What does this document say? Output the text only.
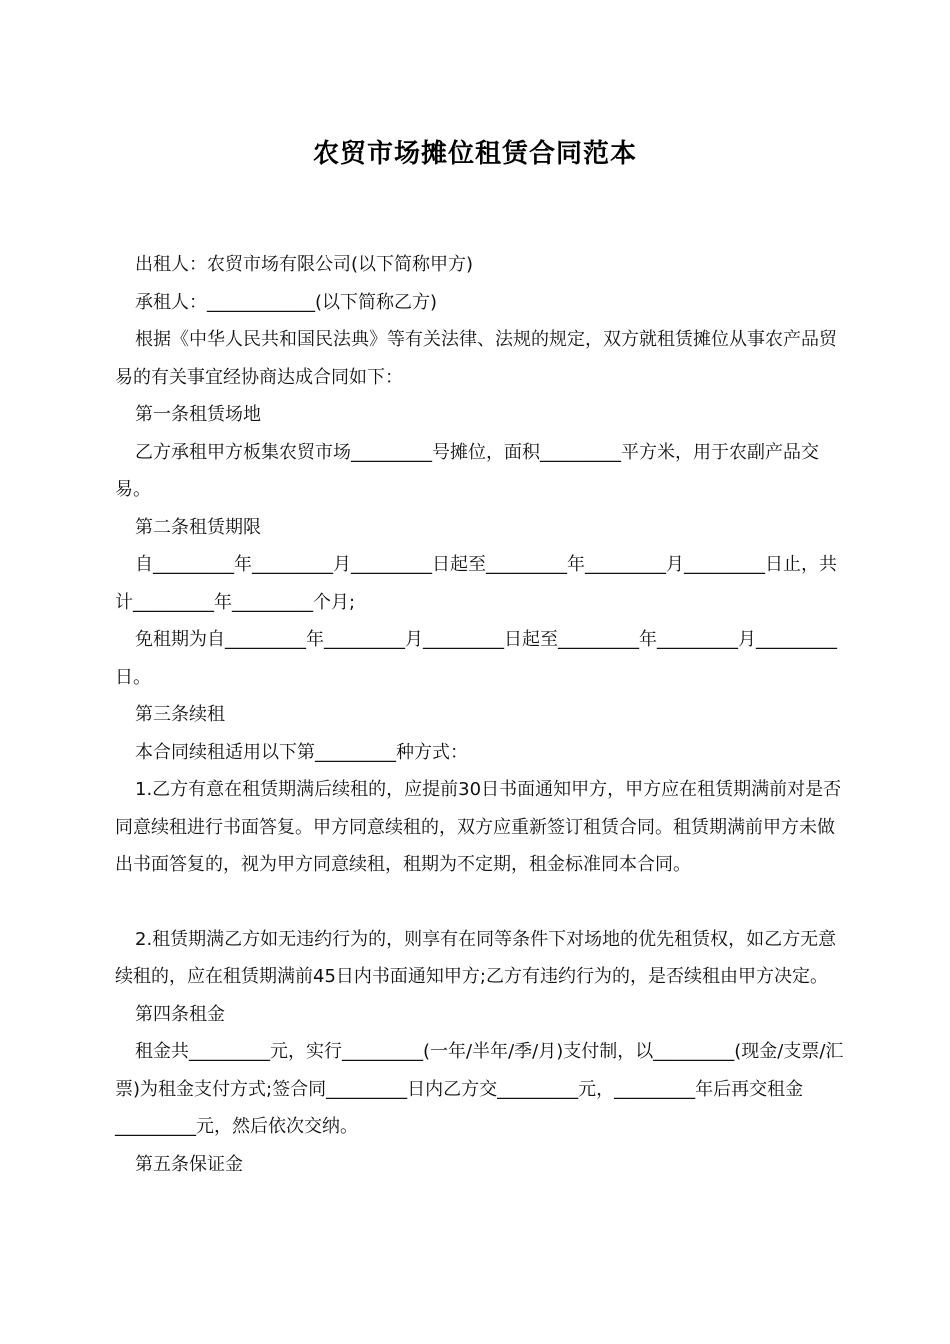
农贸市场摊位租赁合同范本

出租人：农贸市场有限公司(以下简称甲方)

承租人：____________(以下简称乙方)

根据《中华人民共和国民法典》等有关法律、法规的规定，双方就租赁摊位从事农产品贸易的有关事宜经协商达成合同如下：

第一条租赁场地

乙方承租甲方板集农贸市场_________号摊位，面积_________平方米，用于农副产品交易。

第二条租赁期限

自_________年_________月_________日起至_________年_________月_________日止，共计_________年_________个月;

免租期为自_________年_________月_________日起至_________年_________月_________日。

第三条续租

本合同续租适用以下第_________种方式：

1.乙方有意在租赁期满后续租的，应提前30日书面通知甲方，甲方应在租赁期满前对是否同意续租进行书面答复。甲方同意续租的，双方应重新签订租赁合同。租赁期满前甲方未做出书面答复的，视为甲方同意续租，租期为不定期，租金标准同本合同。

2.租赁期满乙方如无违约行为的，则享有在同等条件下对场地的优先租赁权，如乙方无意续租的，应在租赁期满前45日内书面通知甲方;乙方有违约行为的，是否续租由甲方决定。

第四条租金

租金共_________元，实行_________(一年/半年/季/月)支付制，以_________(现金/支票/汇票)为租金支付方式;签合同_________日内乙方交_________元，_________年后再交租金_________元，然后依次交纳。

第五条保证金
